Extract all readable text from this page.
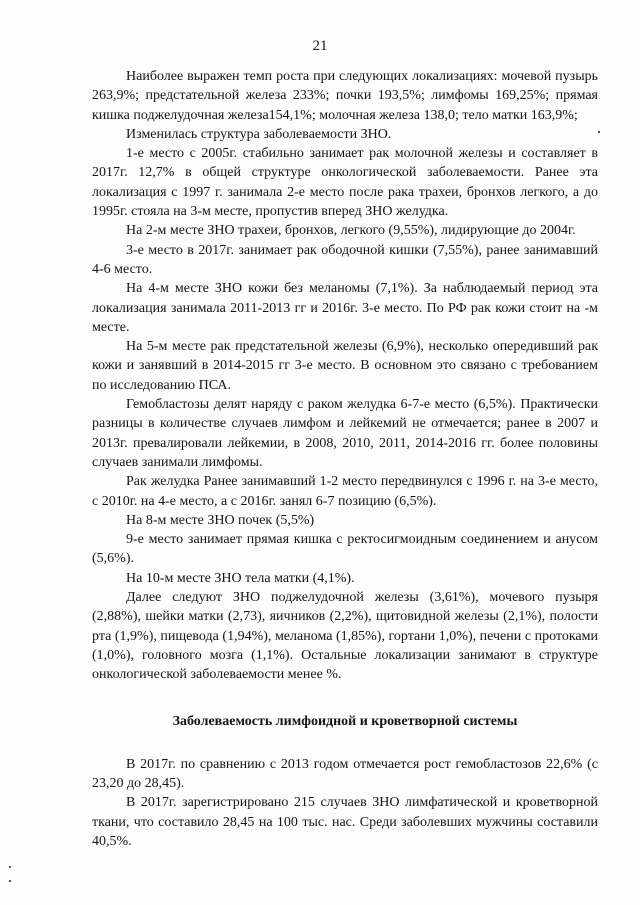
21

Наиболее выражен темп роста при следующих локализациях: мочевой пузырь 263,9%; предстательной железа 233%; почки 193,5%; лимфомы 169,25%; прямая кишка поджелудочная железа154,1%; молочная железа 138,0; тело матки 163,9%;

Изменилась структура заболеваемости ЗНО.

1-е место с 2005г. стабильно занимает рак молочной железы и составляет в 2017г. 12,7% в общей структуре онкологической заболеваемости. Ранее эта локализация с 1997 г. занимала 2-е место после рака трахеи, бронхов легкого, а до 1995г. стояла на 3-м месте, пропустив вперед ЗНО желудка.

На 2-м месте ЗНО трахеи, бронхов, легкого (9,55%), лидирующие до 2004г.

3-е место в 2017г. занимает рак ободочной кишки (7,55%), ранее занимавший 4-6 место.

На 4-м месте ЗНО кожи без меланомы (7,1%). За наблюдаемый период эта локализация занимала 2011-2013 гг и 2016г. 3-е место. По РФ рак кожи стоит на -м месте.

На 5-м месте рак предстательной железы (6,9%), несколько опередивший рак кожи и занявший в 2014-2015 гг 3-е место. В основном это связано с требованием по исследованию ПСА.

Гемобластозы делят наряду с раком желудка 6-7-е место (6,5%). Практически разницы в количестве случаев лимфом и лейкемий не отмечается; ранее в 2007 и 2013г. превалировали лейкемии, в 2008, 2010, 2011, 2014-2016 гг. более половины случаев занимали лимфомы.

Рак желудка Ранее занимавший 1-2 место передвинулся с 1996 г. на 3-е место, с 2010г. на 4-е место, а с 2016г. занял 6-7 позицию (6,5%).

На 8-м месте ЗНО почек (5,5%)

9-е место занимает прямая кишка с ректосигмоидным соединением и анусом (5,6%).

На 10-м месте ЗНО тела матки (4,1%).

Далее следуют ЗНО поджелудочной железы (3,61%), мочевого пузыря (2,88%), шейки матки (2,73), яичников (2,2%), щитовидной железы (2,1%), полости рта (1,9%), пищевода (1,94%), меланома (1,85%), гортани 1,0%), печени с протоками (1,0%), головного мозга (1,1%). Остальные локализации занимают в структуре онкологической заболеваемости менее %.

Заболеваемость лимфоидной и кроветворной системы

В 2017г. по сравнению с 2013 годом отмечается рост гемобластозов 22,6% (с 23,20 до 28,45).

В 2017г. зарегистрировано 215 случаев ЗНО лимфатической и кроветворной ткани, что составило 28,45 на 100 тыс. нас. Среди заболевших мужчины составили 40,5%.
